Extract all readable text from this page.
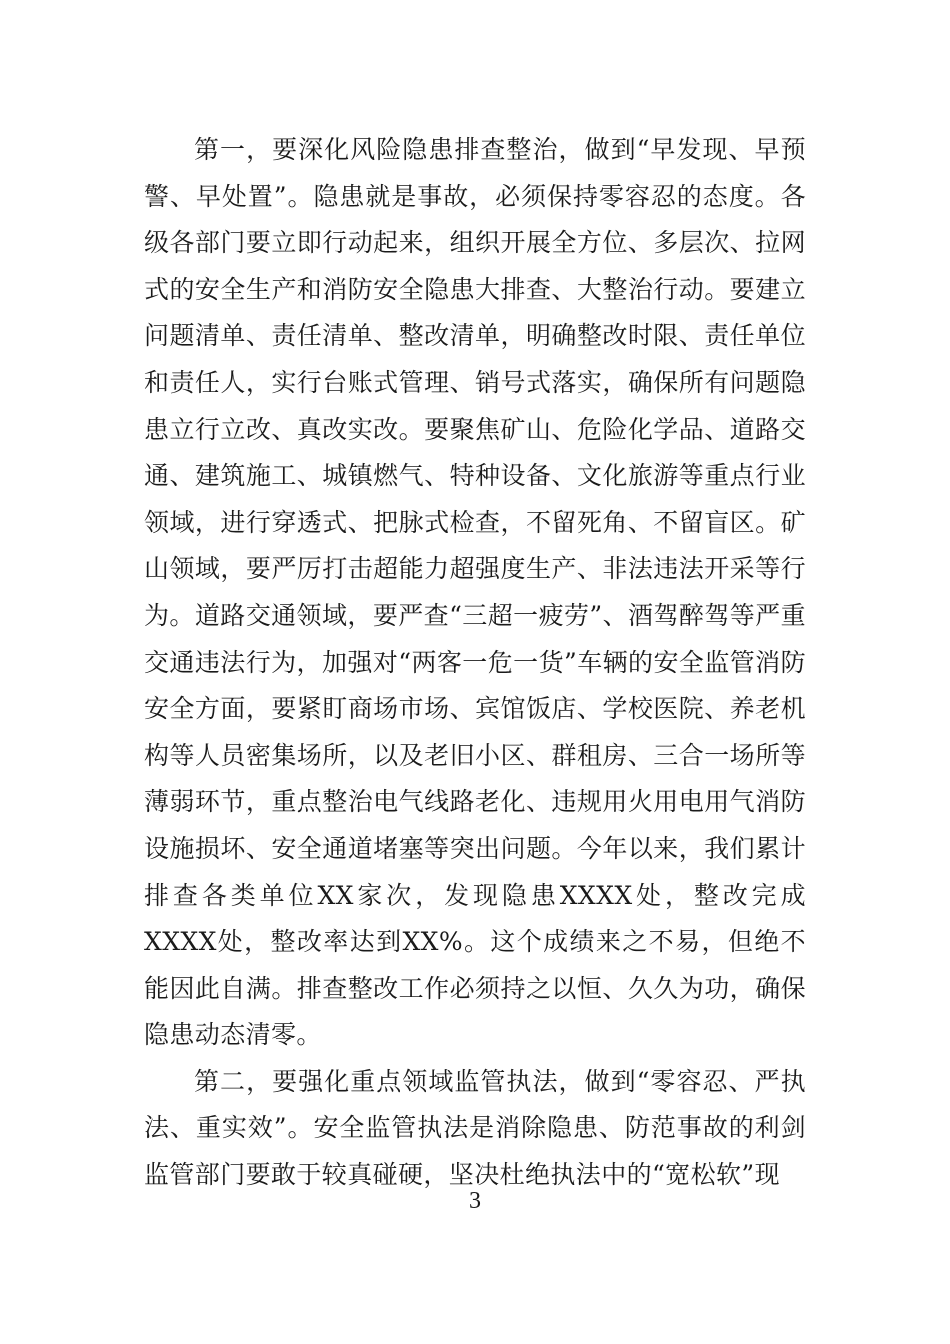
第一，要深化风险隐患排查整治，做到“早发现、早预警、早处置”。隐患就是事故，必须保持零容忍的态度。各级各部门要立即行动起来，组织开展全方位、多层次、拉网式的安全生产和消防安全隐患大排查、大整治行动。要建立问题清单、责任清单、整改清单，明确整改时限、责任单位和责任人，实行台账式管理、销号式落实，确保所有问题隐患立行立改、真改实改。要聚焦矿山、危险化学品、道路交通、建筑施工、城镇燃气、特种设备、文化旅游等重点行业领域，进行穿透式、把脉式检查，不留死角、不留盲区。矿山领域，要严厉打击超能力超强度生产、非法违法开采等行为。道路交通领域，要严查“三超一疲劳”、酒驾醉驾等严重交通违法行为，加强对“两客一危一货”车辆的安全监管消防安全方面，要紧盯商场市场、宾馆饭店、学校医院、养老机构等人员密集场所，以及老旧小区、群租房、三合一场所等薄弱环节，重点整治电气线路老化、违规用火用电用气消防设施损坏、安全通道堵塞等突出问题。今年以来，我们累计排查各类单位XX家次，发现隐患XXXX处，整改完成XXXX处，整改率达到XX%。这个成绩来之不易，但绝不能因此自满。排查整改工作必须持之以恒、久久为功，确保隐患动态清零。

第二，要强化重点领域监管执法，做到“零容忍、严执法、重实效”。安全监管执法是消除隐患、防范事故的利剑监管部门要敢于较真碰硬，坚决杜绝执法中的“宽松软”现

3
